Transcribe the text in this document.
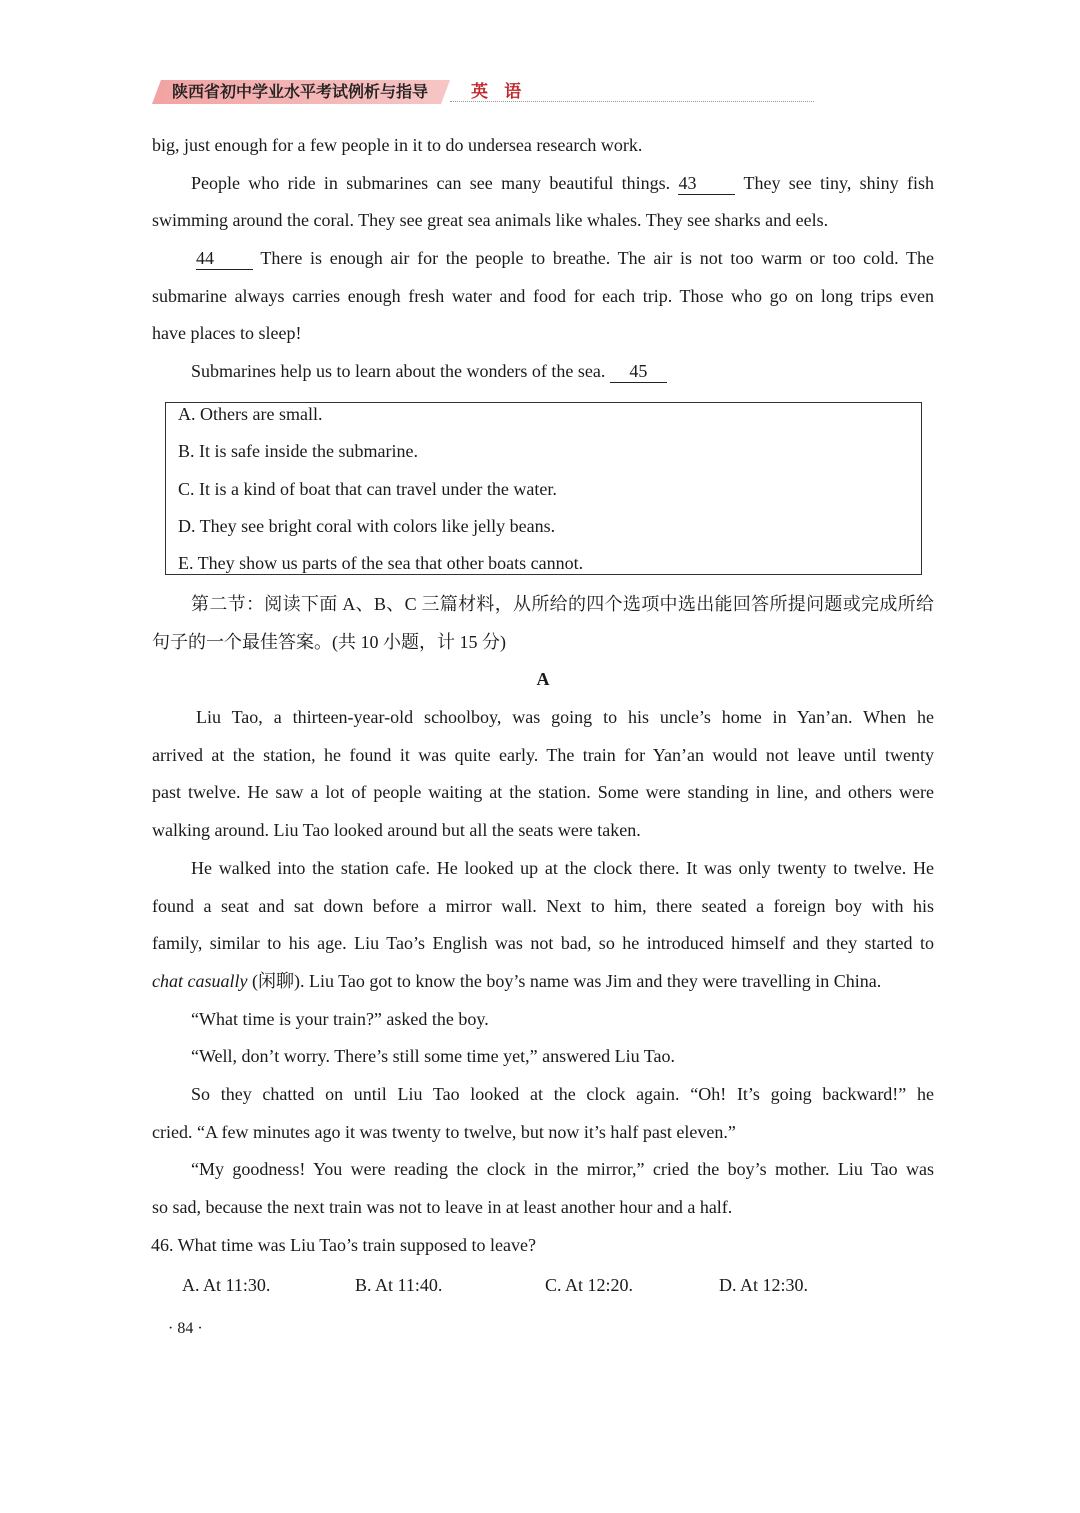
陕西省初中学业水平考试例析与指导	英 语
big, just enough for a few people in it to do undersea research work.
People who ride in submarines can see many beautiful things. 43	They see tiny, shiny fish
swimming around the coral. They see great sea animals like whales. They see sharks and eels.
44	There is enough air for the people to breathe. The air is not too warm or too cold. The
submarine always carries enough fresh water and food for each trip. Those who go on long trips even
have places to sleep!
Submarines help us to learn about the wonders of the sea. 45
A. Others are small.
B. It is safe inside the submarine.
C. It is a kind of boat that can travel under the water.
D. They see bright coral with colors like jelly beans.
E. They show us parts of the sea that other boats cannot.
第二节：阅读下面 A、B、C 三篇材料，从所给的四个选项中选出能回答所提问题或完成所给
句子的一个最佳答案。(共 10 小题，计 15 分)
A
Liu Tao, a thirteen-year-old schoolboy, was going to his uncle’s home in Yan’an. When he
arrived at the station, he found it was quite early. The train for Yan’an would not leave until twenty
past twelve. He saw a lot of people waiting at the station. Some were standing in line, and others were
walking around. Liu Tao looked around but all the seats were taken.
He walked into the station cafe. He looked up at the clock there. It was only twenty to twelve. He
found a seat and sat down before a mirror wall. Next to him, there seated a foreign boy with his
family, similar to his age. Liu Tao’s English was not bad, so he introduced himself and they started to
chat casually (闲聊). Liu Tao got to know the boy’s name was Jim and they were travelling in China.
“What time is your train?” asked the boy.
“Well, don’t worry. There’s still some time yet,” answered Liu Tao.
So they chatted on until Liu Tao looked at the clock again. “Oh! It’s going backward!” he
cried. “A few minutes ago it was twenty to twelve, but now it’s half past eleven.”
“My goodness! You were reading the clock in the mirror,” cried the boy’s mother. Liu Tao was
so sad, because the next train was not to leave in at least another hour and a half.
46. What time was Liu Tao’s train supposed to leave?
A. At 11:30.	B. At 11:40.	C. At 12:20.	D. At 12:30.
· 84 ·
